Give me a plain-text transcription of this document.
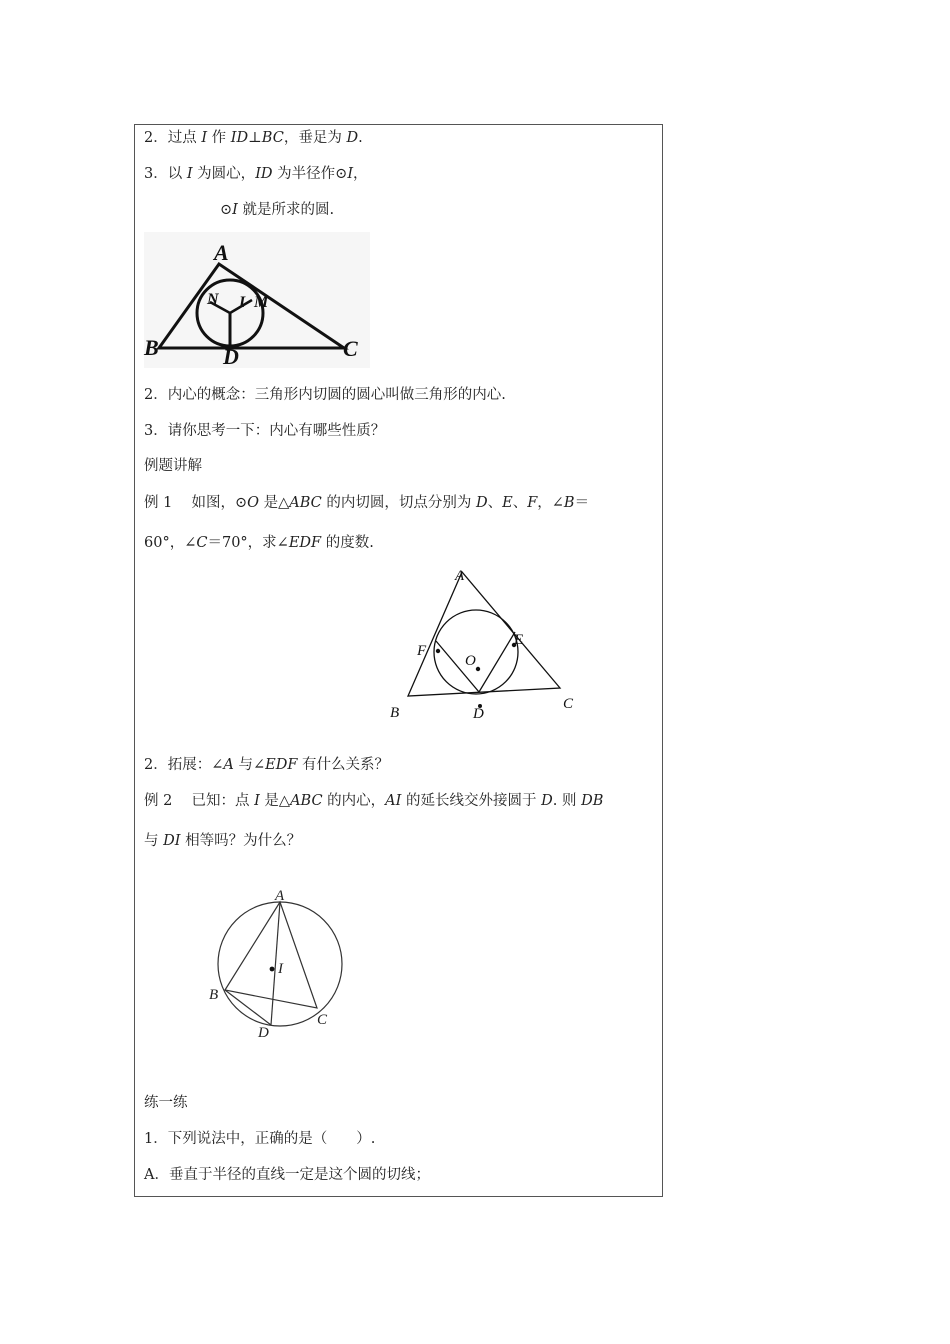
2．过点 I 作 ID⊥BC，垂足为 D.
3．以 I 为圆心，ID 为半径作⊙I，
⊙I 就是所求的圆.
A
B	C
D
N I M
2．内心的概念：三角形内切圆的圆心叫做三角形的内心.
3．请你思考一下：内心有哪些性质？
例题讲解
例 1　 如图，⊙O 是△ABC 的内切圆，切点分别为 D、E、F，∠B＝
60°，∠C＝70°，求∠EDF 的度数.
A
B
C
D
E
F
O
2．拓展：∠A 与∠EDF 有什么关系？
例 2　 已知：点 I 是△ABC 的内心，AI 的延长线交外接圆于 D. 则 DB
与 DI 相等吗？为什么？
A
B
C
D
I
练一练
1．下列说法中，正确的是（　　）.
A．垂直于半径的直线一定是这个圆的切线；
